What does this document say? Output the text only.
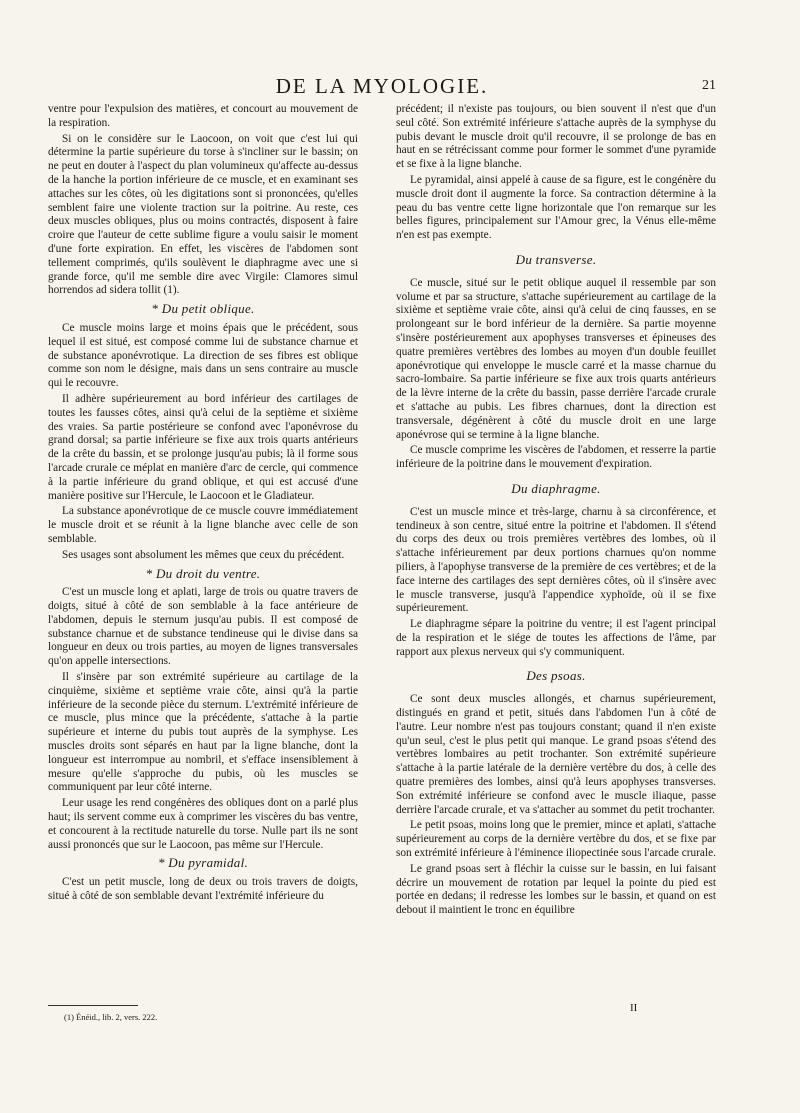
DE LA MYOLOGIE.	21

ventre pour l'expulsion des matières, et concourt au mouvement de la respiration.

Si on le considère sur le Laocoon, on voit que c'est lui qui détermine la partie supérieure du torse à s'incliner sur le bassin; on ne peut en douter à l'aspect du plan volumineux qu'affecte au-dessus de la hanche la portion inférieure de ce muscle, et en examinant ses attaches sur les côtes, où les digitations sont si prononcées, qu'elles semblent faire une violente traction sur la poitrine. Au reste, ces deux muscles obliques, plus ou moins contractés, disposent à faire croire que l'auteur de cette sublime figure a voulu saisir le moment d'une forte expiration. En effet, les viscères de l'abdomen sont tellement comprimés, qu'ils soulèvent le diaphragme avec une si grande force, qu'il me semble dire avec Virgile: Clamores simul horrendos ad sidera tollit (1).

* Du petit oblique.

Ce muscle moins large et moins épais que le précédent, sous lequel il est situé, est composé comme lui de substance charnue et de substance aponévrotique. La direction de ses fibres est oblique comme son nom le désigne, mais dans un sens contraire au muscle qui le recouvre.

Il adhère supérieurement au bord inférieur des cartilages de toutes les fausses côtes, ainsi qu'à celui de la septième et sixième des vraies. Sa partie postérieure se confond avec l'aponévrose du grand dorsal; sa partie inférieure se fixe aux trois quarts antérieurs de la crête du bassin, et se prolonge jusqu'au pubis; là il forme sous l'arcade crurale ce méplat en manière d'arc de cercle, qui commence à la partie inférieure du grand oblique, et qui est accusé d'une manière positive sur l'Hercule, le Laocoon et le Gladiateur.

La substance aponévrotique de ce muscle couvre immédiatement le muscle droit et se réunit à la ligne blanche avec celle de son semblable.

Ses usages sont absolument les mêmes que ceux du précédent.

* Du droit du ventre.

C'est un muscle long et aplati, large de trois ou quatre travers de doigts, situé à côté de son semblable à la face antérieure de l'abdomen, depuis le sternum jusqu'au pubis. Il est composé de substance charnue et de substance tendineuse qui le divise dans sa longueur en deux ou trois parties, au moyen de lignes transversales qu'on appelle intersections.

Il s'insère par son extrémité supérieure au cartilage de la cinquième, sixième et septième vraie côte, ainsi qu'à la partie inférieure de la seconde pièce du sternum. L'extrémité inférieure de ce muscle, plus mince que la précédente, s'attache à la partie supérieure et interne du pubis tout auprès de la symphyse. Les muscles droits sont séparés en haut par la ligne blanche, dont la longueur est interrompue au nombril, et s'efface insensiblement à mesure qu'elle s'approche du pubis, où les muscles se communiquent par leur côté interne.

Leur usage les rend congénères des obliques dont on a parlé plus haut; ils servent comme eux à comprimer les viscères du bas ventre, et concourent à la rectitude naturelle du torse. Nulle part ils ne sont aussi prononcés que sur le Laocoon, pas même sur l'Hercule.

* Du pyramidal.

C'est un petit muscle, long de deux ou trois travers de doigts, situé à côté de son semblable devant l'extrémité inférieure du

précédent; il n'existe pas toujours, ou bien souvent il n'est que d'un seul côté. Son extrémité inférieure s'attache auprès de la symphyse du pubis devant le muscle droit qu'il recouvre, il se prolonge de bas en haut en se rétrécissant comme pour former le sommet d'une pyramide et se fixe à la ligne blanche.

Le pyramidal, ainsi appelé à cause de sa figure, est le congénère du muscle droit dont il augmente la force. Sa contraction détermine à la peau du bas ventre cette ligne horizontale que l'on remarque sur les belles figures, principalement sur l'Amour grec, la Vénus elle-même n'en est pas exempte.

Du transverse.

Ce muscle, situé sur le petit oblique auquel il ressemble par son volume et par sa structure, s'attache supérieurement au cartilage de la sixième et septième vraie côte, ainsi qu'à celui de cinq fausses, en se prolongeant sur le bord inférieur de la dernière. Sa partie moyenne s'insère postérieurement aux apophyses transverses et épineuses des quatre premières vertèbres des lombes au moyen d'un double feuillet aponévrotique qui enveloppe le muscle carré et la masse charnue du sacro-lombaire. Sa partie inférieure se fixe aux trois quarts antérieurs de la lèvre interne de la crête du bassin, passe derrière l'arcade crurale et s'attache au pubis. Les fibres charnues, dont la direction est transversale, dégénèrent à côté du muscle droit en une large aponévrose qui se termine à la ligne blanche.

Ce muscle comprime les viscères de l'abdomen, et resserre la partie inférieure de la poitrine dans le mouvement d'expiration.

Du diaphragme.

C'est un muscle mince et très-large, charnu à sa circonférence, et tendineux à son centre, situé entre la poitrine et l'abdomen. Il s'étend du corps des deux ou trois premières vertèbres des lombes, où il s'attache inférieurement par deux portions charnues qu'on nomme piliers, à l'apophyse transverse de la première de ces vertèbres; et de la face interne des cartilages des sept dernières côtes, où il s'insère avec le muscle transverse, jusqu'à l'appendice xyphoïde, où il se fixe supérieurement.

Le diaphragme sépare la poitrine du ventre; il est l'agent principal de la respiration et le siége de toutes les affections de l'âme, par rapport aux plexus nerveux qui s'y communiquent.

Des psoas.

Ce sont deux muscles allongés, et charnus supérieurement, distingués en grand et petit, situés dans l'abdomen l'un à côté de l'autre. Leur nombre n'est pas toujours constant; quand il n'en existe qu'un seul, c'est le plus petit qui manque. Le grand psoas s'étend des vertèbres lombaires au petit trochanter. Son extrémité supérieure s'attache à la partie latérale de la dernière vertèbre du dos, à celle des quatre premières des lombes, ainsi qu'à leurs apophyses transverses. Son extrémité inférieure se confond avec le muscle iliaque, passe derrière l'arcade crurale, et va s'attacher au sommet du petit trochanter.

Le petit psoas, moins long que le premier, mince et aplati, s'attache supérieurement au corps de la dernière vertèbre du dos, et se fixe par son extrémité inférieure à l'éminence iliopectinée sous l'arcade crurale.

Le grand psoas sert à fléchir la cuisse sur le bassin, en lui faisant décrire un mouvement de rotation par lequel la pointe du pied est portée en dedans; il redresse les lombes sur le bassin, et quand on est debout il maintient le tronc en équilibre

(1) Énéid., lib. 2, vers. 222.
II
